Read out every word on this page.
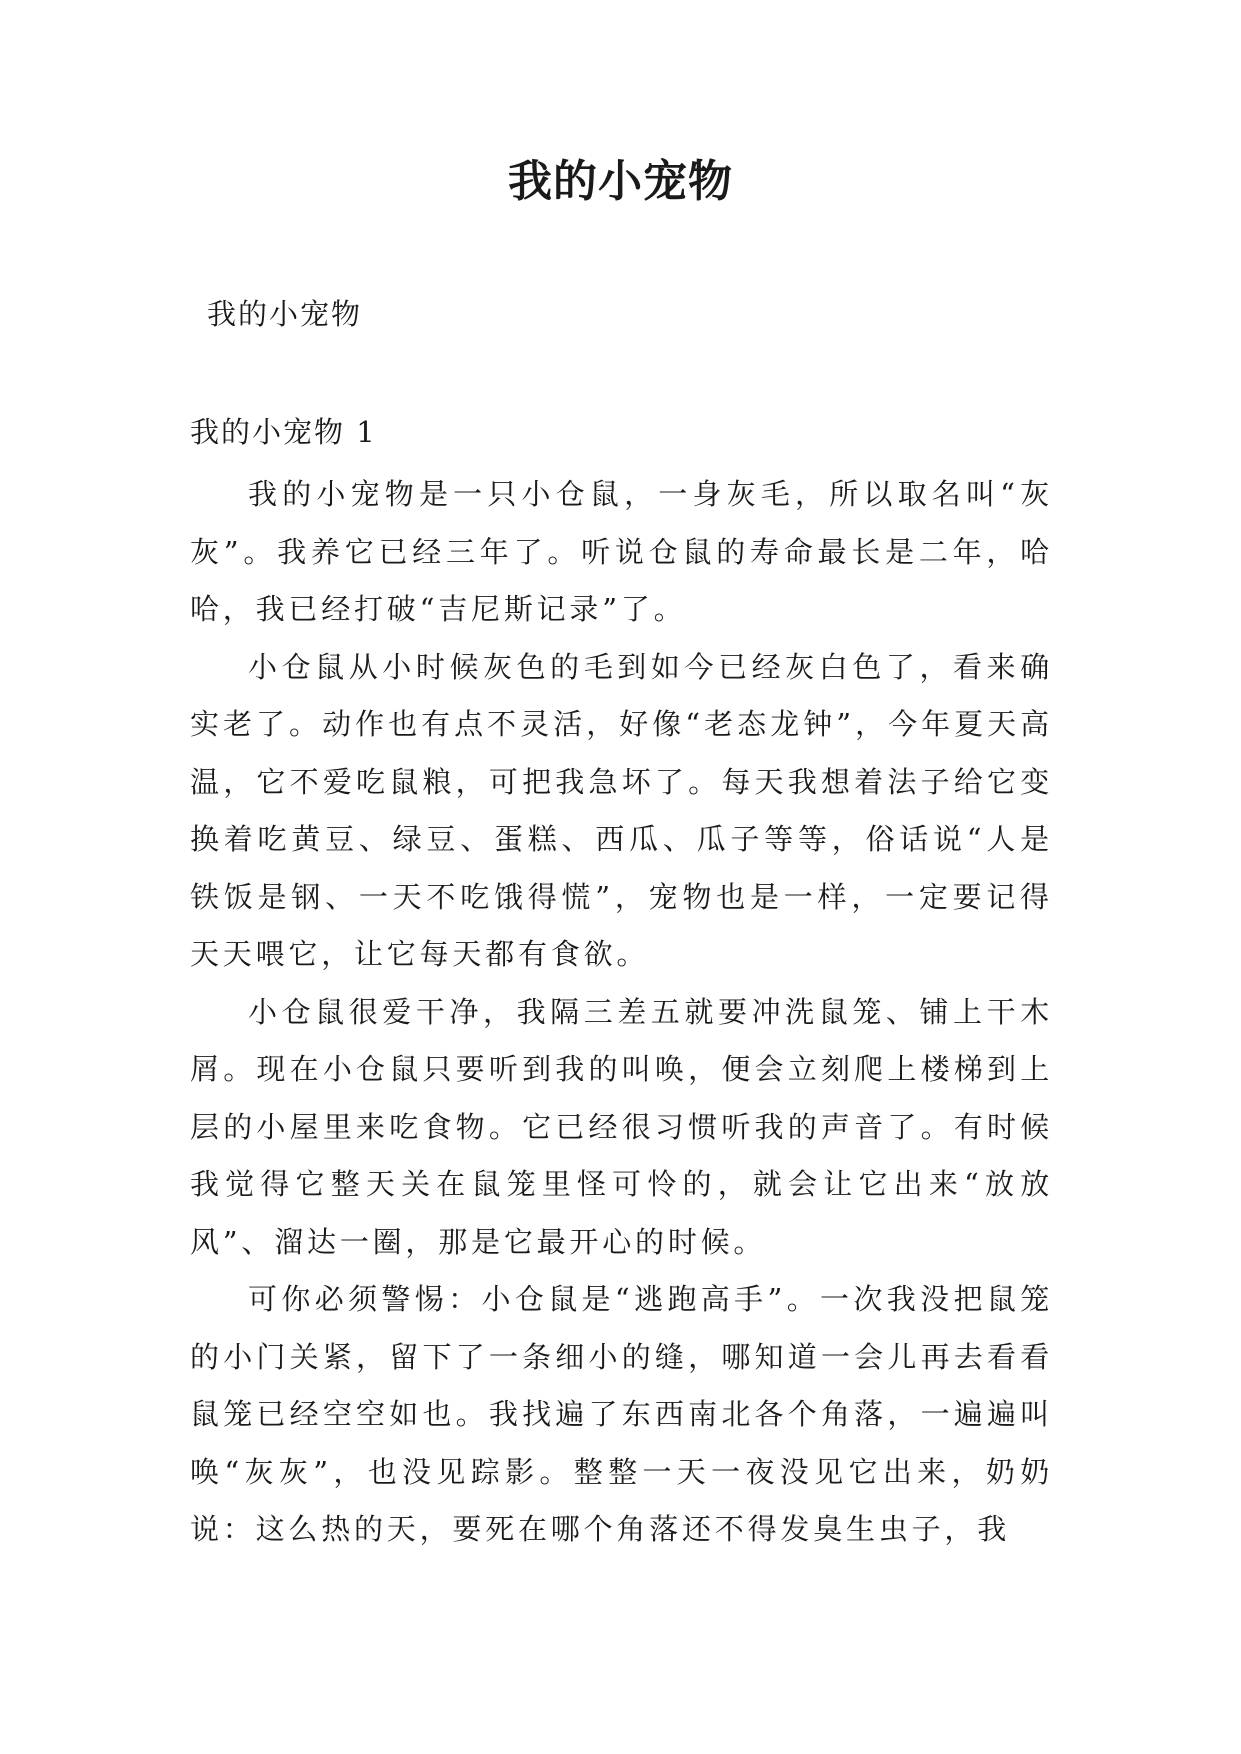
我的小宠物

我的小宠物

我的小宠物 1

我的小宠物是一只小仓鼠，一身灰毛，所以取名叫“灰灰”。我养它已经三年了。听说仓鼠的寿命最长是二年，哈哈，我已经打破“吉尼斯记录”了。

小仓鼠从小时候灰色的毛到如今已经灰白色了，看来确实老了。动作也有点不灵活，好像“老态龙钟”，今年夏天高温，它不爱吃鼠粮，可把我急坏了。每天我想着法子给它变换着吃黄豆、绿豆、蛋糕、西瓜、瓜子等等，俗话说“人是铁饭是钢、一天不吃饿得慌”，宠物也是一样，一定要记得天天喂它，让它每天都有食欲。

小仓鼠很爱干净，我隔三差五就要冲洗鼠笼、铺上干木屑。现在小仓鼠只要听到我的叫唤，便会立刻爬上楼梯到上层的小屋里来吃食物。它已经很习惯听我的声音了。有时候我觉得它整天关在鼠笼里怪可怜的，就会让它出来“放放风”、溜达一圈，那是它最开心的时候。

可你必须警惕：小仓鼠是“逃跑高手”。一次我没把鼠笼的小门关紧，留下了一条细小的缝，哪知道一会儿再去看看鼠笼已经空空如也。我找遍了东西南北各个角落，一遍遍叫唤“灰灰”，也没见踪影。整整一天一夜没见它出来，奶奶说：这么热的天，要死在哪个角落还不得发臭生虫子，我
